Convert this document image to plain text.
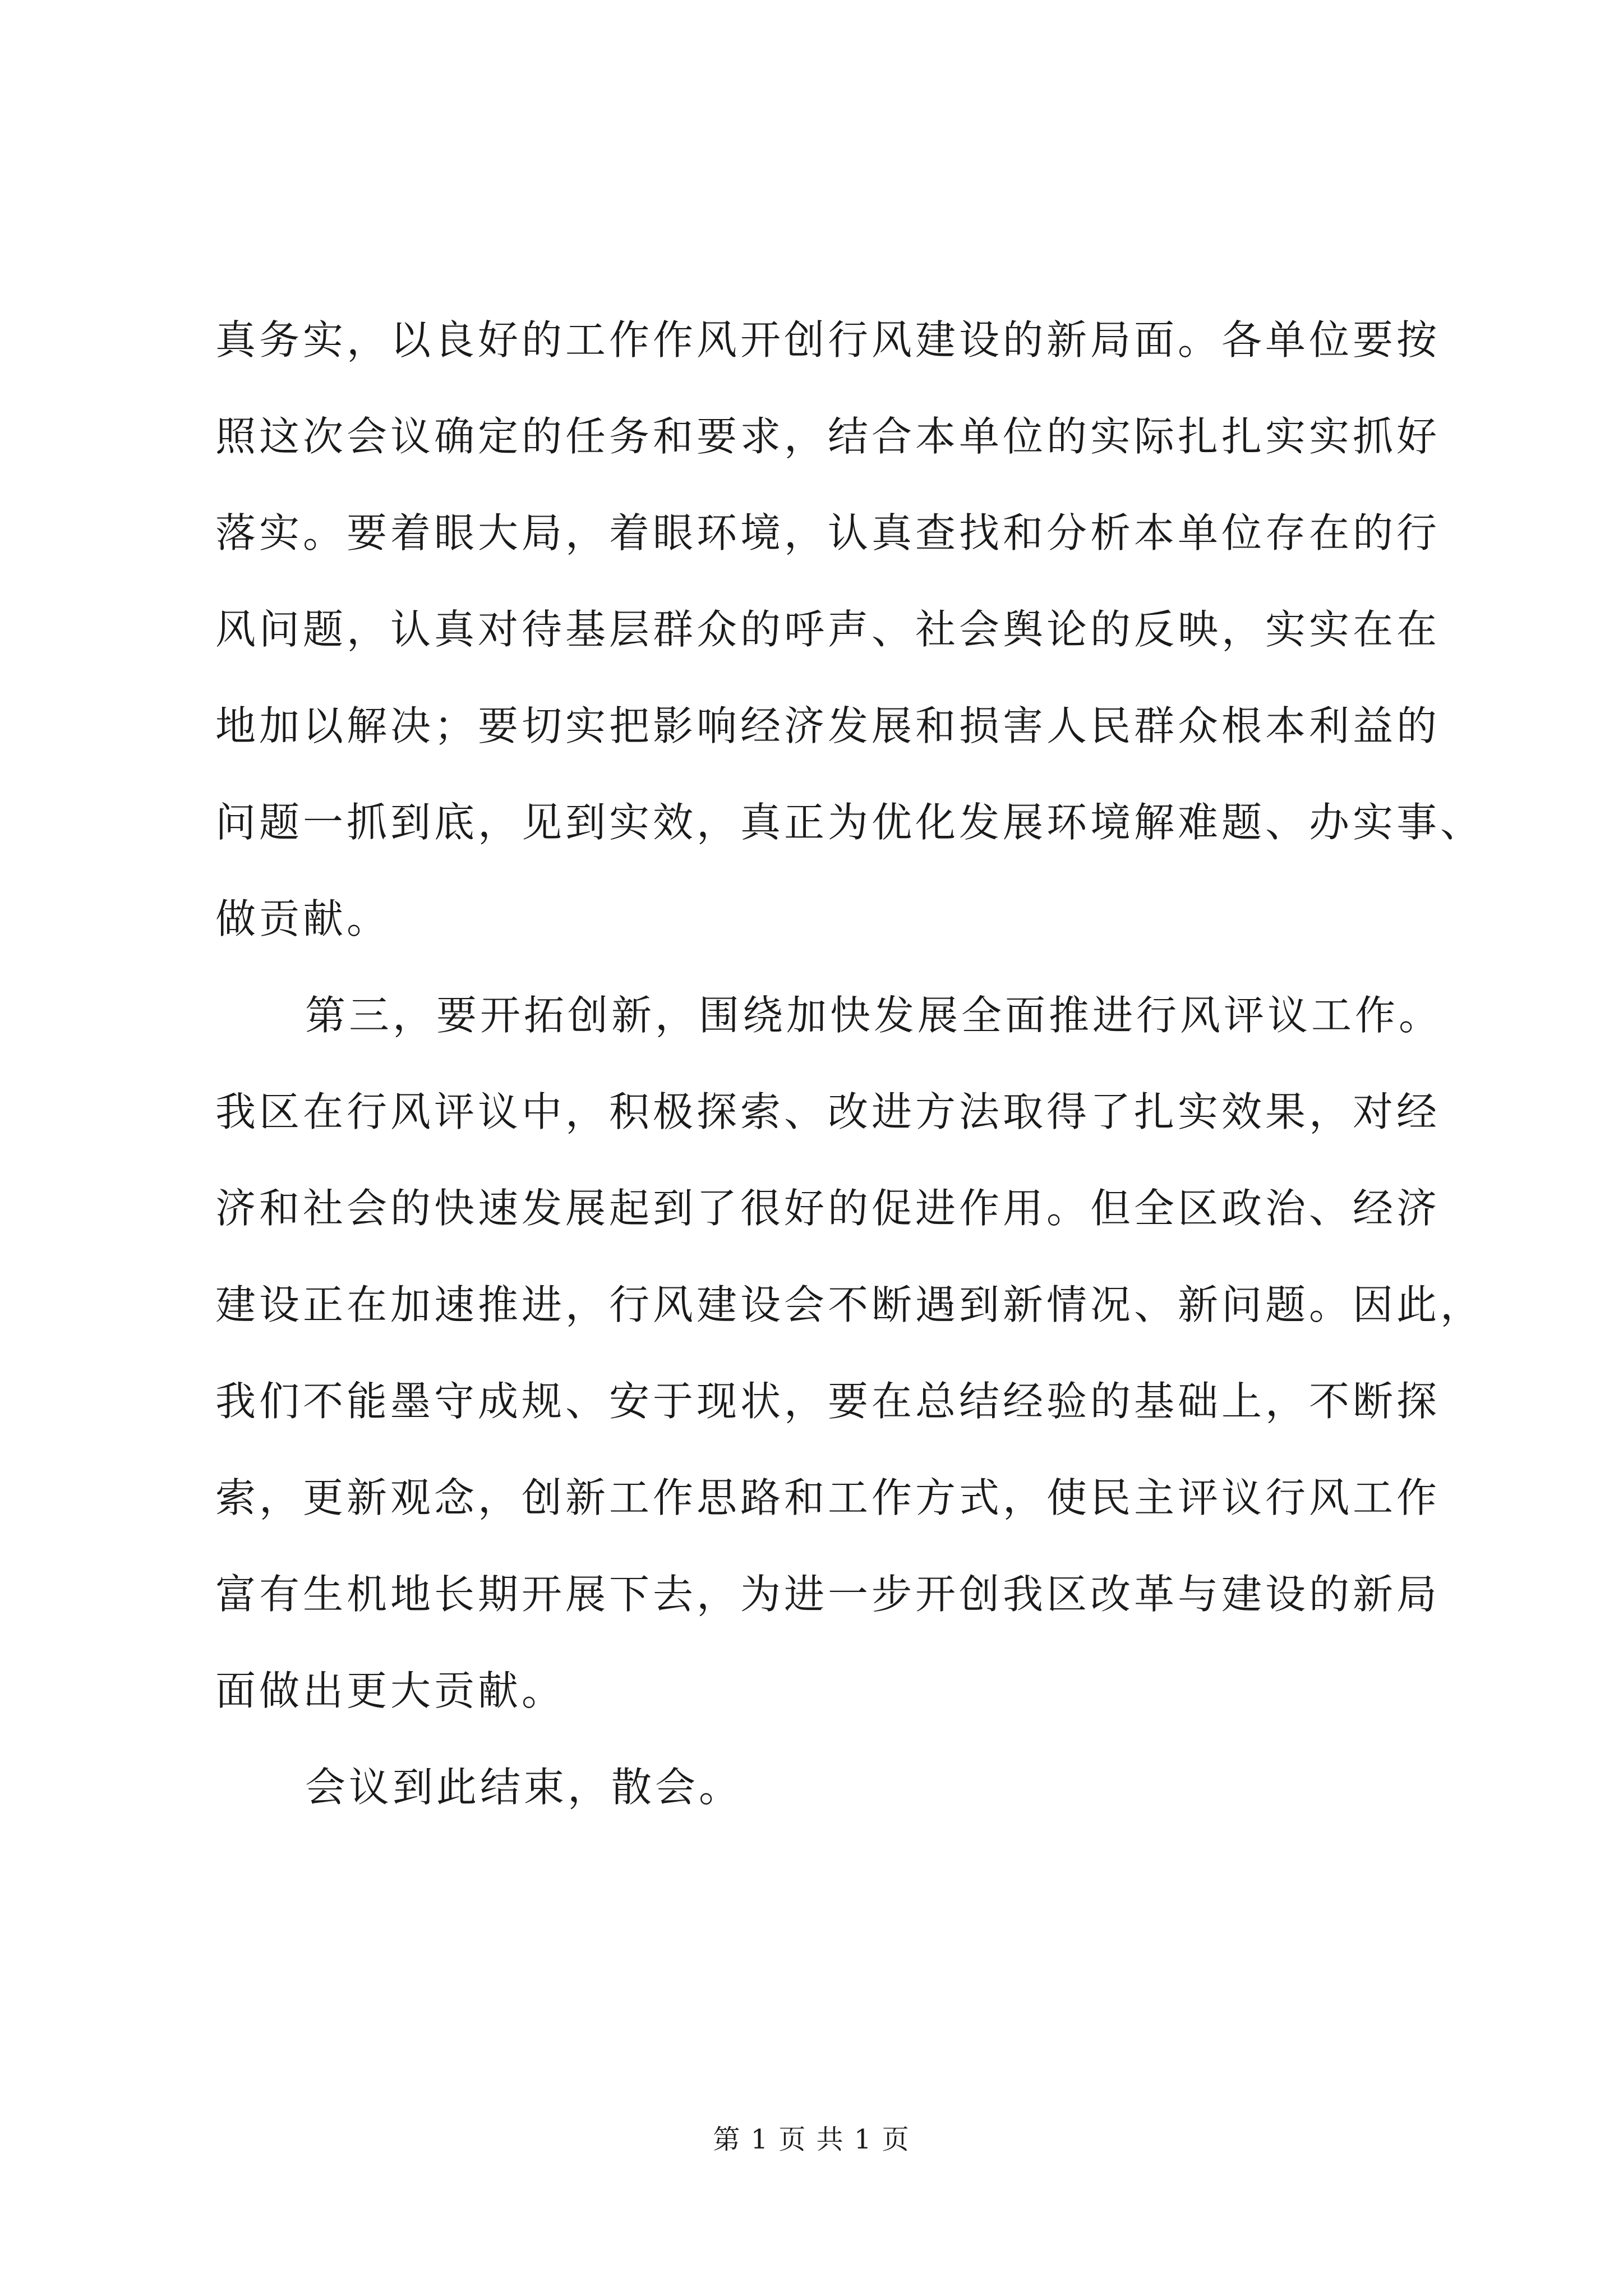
真务实，以良好的工作作风开创行风建设的新局面。各单位要按
照这次会议确定的任务和要求，结合本单位的实际扎扎实实抓好
落实。要着眼大局，着眼环境，认真查找和分析本单位存在的行
风问题，认真对待基层群众的呼声、社会舆论的反映，实实在在
地加以解决；要切实把影响经济发展和损害人民群众根本利益的
问题一抓到底，见到实效，真正为优化发展环境解难题、办实事、
做贡献。
第三，要开拓创新，围绕加快发展全面推进行风评议工作。
我区在行风评议中，积极探索、改进方法取得了扎实效果，对经
济和社会的快速发展起到了很好的促进作用。但全区政治、经济
建设正在加速推进，行风建设会不断遇到新情况、新问题。因此，
我们不能墨守成规、安于现状，要在总结经验的基础上，不断探
索，更新观念，创新工作思路和工作方式，使民主评议行风工作
富有生机地长期开展下去，为进一步开创我区改革与建设的新局
面做出更大贡献。
会议到此结束，散会。
第 1 页 共 1 页
